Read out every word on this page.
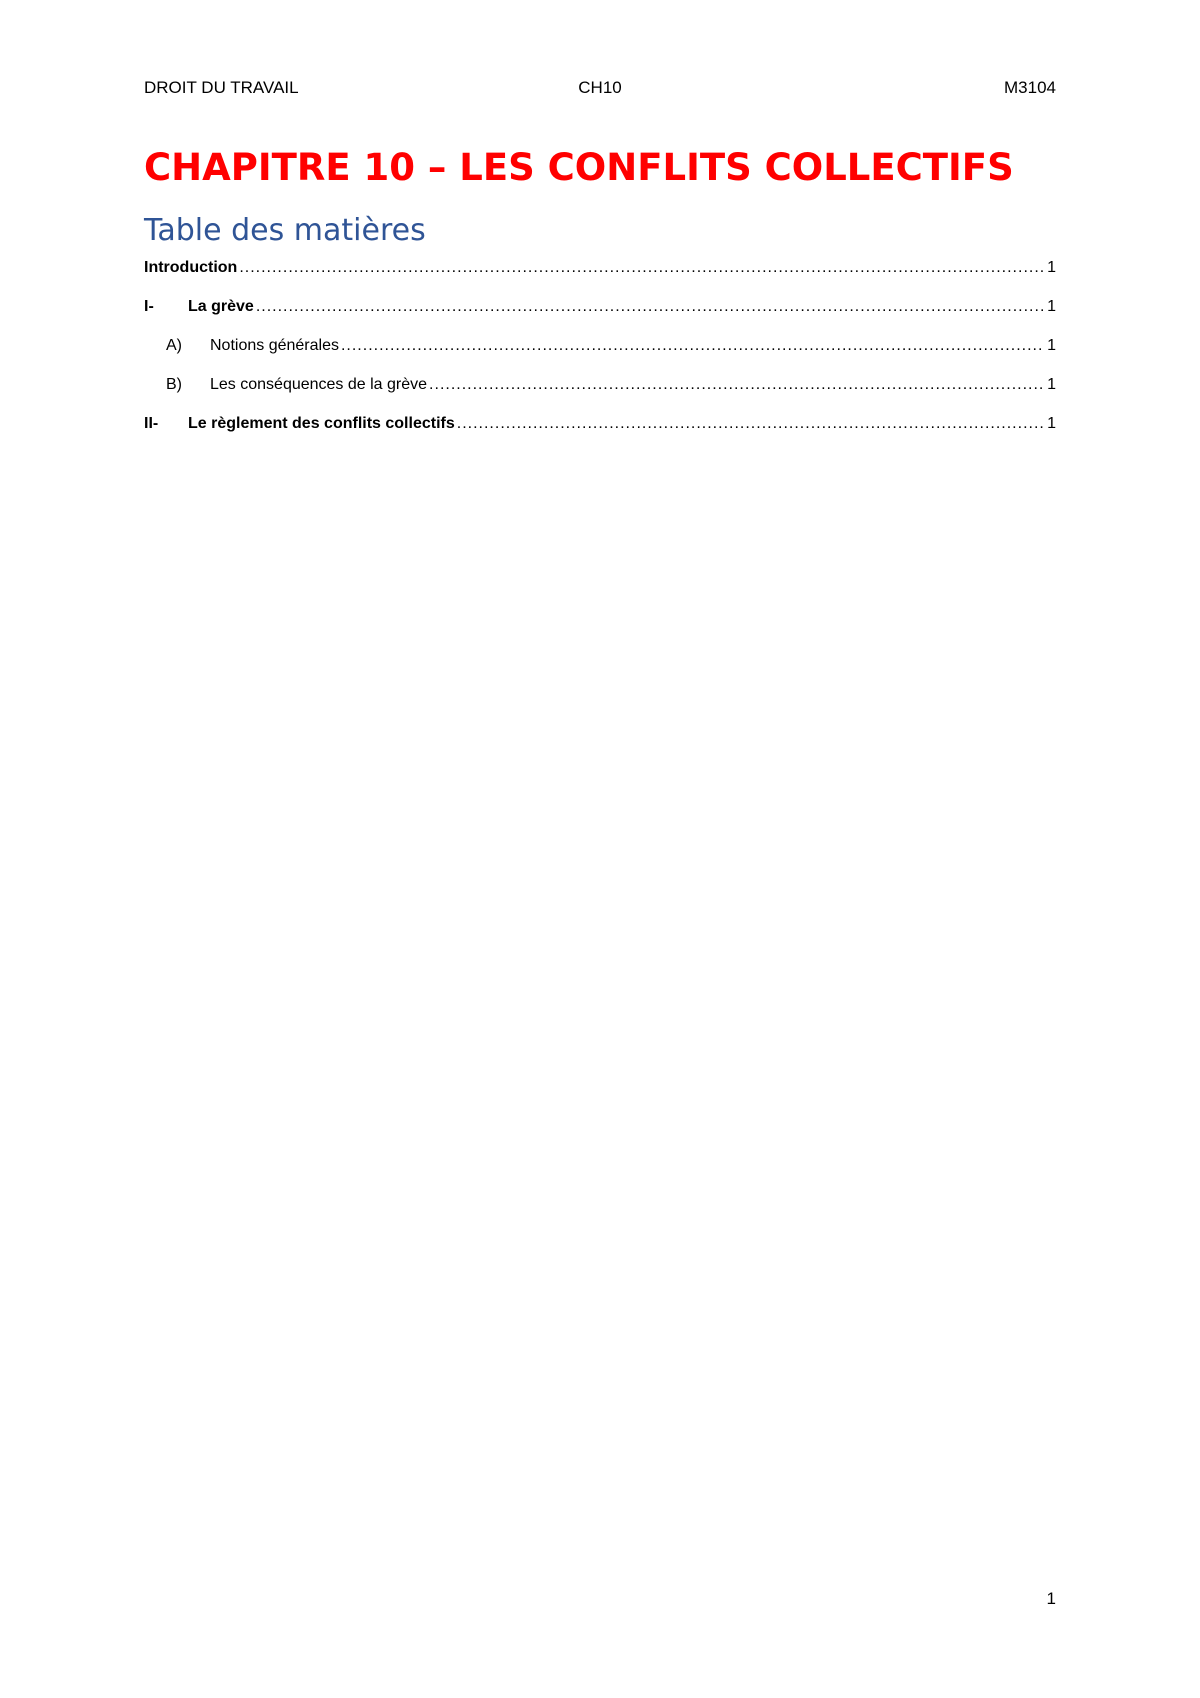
DROIT DU TRAVAIL	CH10	M3104
CHAPITRE 10 – LES CONFLITS COLLECTIFS
Table des matières
Introduction .....	1
I-	La grève .....	1
A)	Notions générales .....	1
B)	Les conséquences de la grève .....	1
II-	Le règlement des conflits collectifs .....	1
1
